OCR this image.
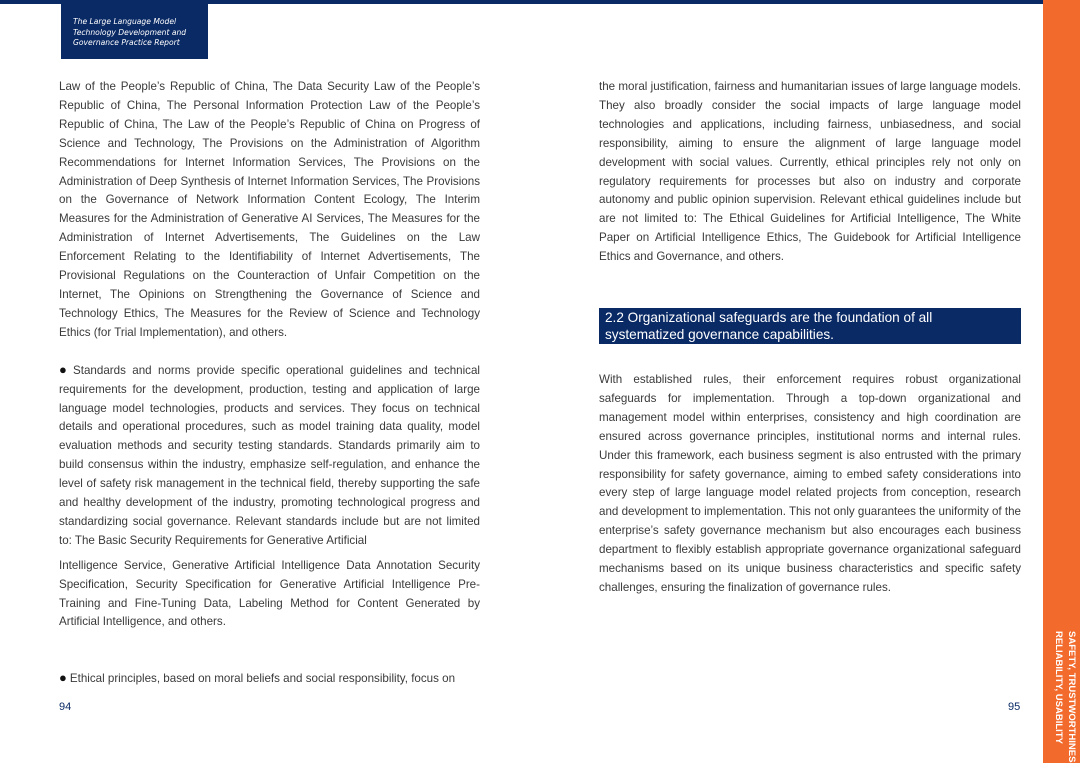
The Large Language Model
Technology Development and
Governance Practice Report

Law of the People’s Republic of China, The Data Security Law of the People’s Republic of China, The Personal Information Protection Law of the People’s Republic of China, The Law of the People’s Republic of China on Progress of Science and Technology, The Provisions on the Administration of Algorithm Recommendations for Internet Information Services, The Provisions on the Administration of Deep Synthesis of Internet Information Services, The Provisions on the Governance of Network Information Content Ecology, The Interim Measures for the Administration of Generative AI Services, The Measures for the Administration of Internet Advertisements, The Guidelines on the Law Enforcement Relating to the Identifiability of Internet Advertisements, The Provisional Regulations on the Counteraction of Unfair Competition on the Internet, The Opinions on Strengthening the Governance of Science and Technology Ethics, The Measures for the Review of Science and Technology Ethics (for Trial Implementation), and others.

● Standards and norms provide specific operational guidelines and technical requirements for the development, production, testing and application of large language model technologies, products and services. They focus on technical details and operational procedures, such as model training data quality, model evaluation methods and security testing standards. Standards primarily aim to build consensus within the industry, emphasize self-regulation, and enhance the level of safety risk management in the technical field, thereby supporting the safe and healthy development of the industry, promoting technological progress and standardizing social governance. Relevant standards include but are not limited to: The Basic Security Requirements for Generative Artificial

Intelligence Service, Generative Artificial Intelligence Data Annotation Security Specification, Security Specification for Generative Artificial Intelligence Pre-Training and Fine-Tuning Data, Labeling Method for Content Generated by Artificial Intelligence, and others.

● Ethical principles, based on moral beliefs and social responsibility, focus on

the moral justification, fairness and humanitarian issues of large language models. They also broadly consider the social impacts of large language model technologies and applications, including fairness, unbiasedness, and social responsibility, aiming to ensure the alignment of large language model development with social values. Currently, ethical principles rely not only on regulatory requirements for processes but also on industry and corporate autonomy and public opinion supervision. Relevant ethical guidelines include but are not limited to: The Ethical Guidelines for Artificial Intelligence, The White Paper on Artificial Intelligence Ethics, The Guidebook for Artificial Intelligence Ethics and Governance, and others.

With established rules, their enforcement requires robust organizational safeguards for implementation. Through a top-down organizational and management model within enterprises, consistency and high coordination are ensured across governance principles, institutional norms and internal rules. Under this framework, each business segment is also entrusted with the primary responsibility for safety governance, aiming to embed safety considerations into every step of large language model related projects from conception, research and development to implementation. This not only guarantees the uniformity of the enterprise’s safety governance mechanism but also encourages each business department to flexibly establish appropriate governance organizational safeguard mechanisms based on its unique business characteristics and specific safety challenges, ensuring the finalization of governance rules.

2.2 Organizational safeguards are the foundation of all
systematized governance capabilities.
94	95	SAFETY, TRUSTWORTHINESS
RELIABILITY, USABILITY
